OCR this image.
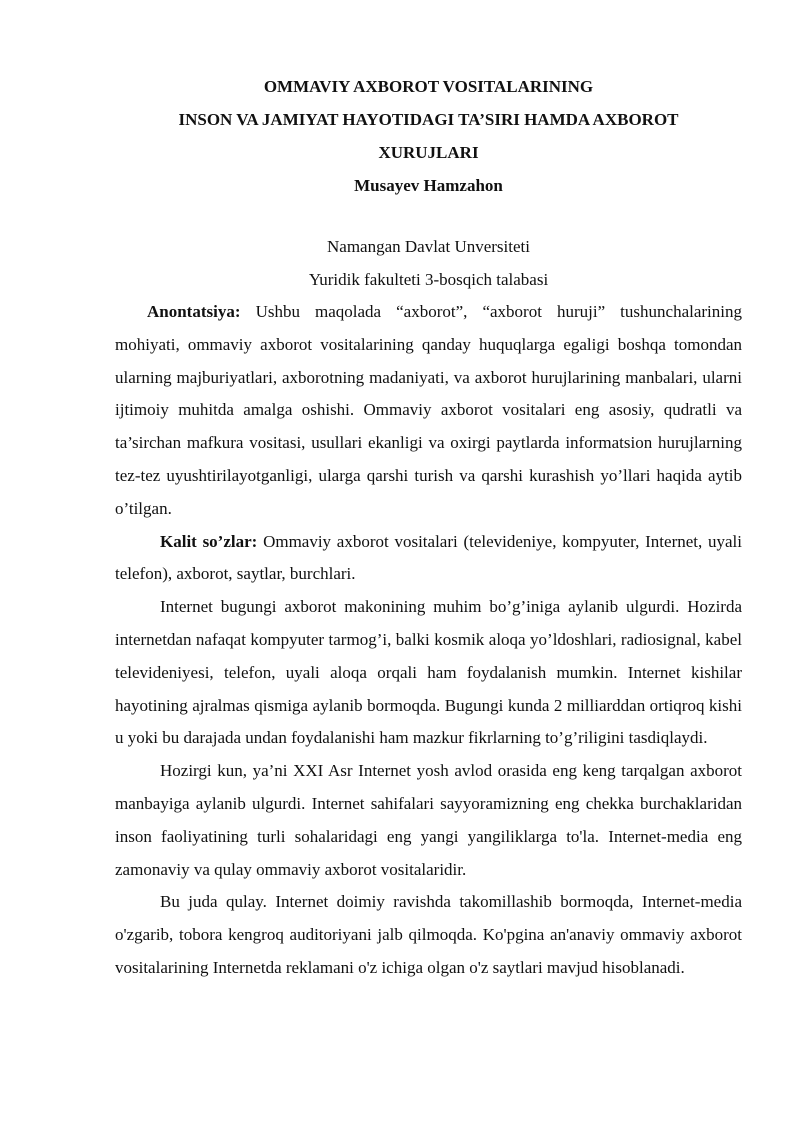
OMMAVIY AXBOROT VOSITALARINING

INSON VA JAMIYAT HAYOTIDAGI TA’SIRI HAMDA AXBOROT

XURUJLARI

Musayev Hamzahon

Namangan Davlat Unversiteti

Yuridik fakulteti 3-bosqich talabasi

Anontatsiya: Ushbu maqolada “axborot”, “axborot huruji” tushunchalarining mohiyati, ommaviy axborot vositalarining qanday huquqlarga egaligi boshqa tomondan ularning majburiyatlari, axborotning madaniyati, va axborot hurujlarining manbalari, ularni ijtimoiy muhitda amalga oshishi. Ommaviy axborot vositalari eng asosiy, qudratli va ta’sirchan mafkura vositasi, usullari ekanligi va oxirgi paytlarda informatsion hurujlarning tez-tez uyushtirilayotganligi, ularga qarshi turish va qarshi kurashish yo’llari haqida aytib o’tilgan.

Kalit so’zlar: Ommaviy axborot vositalari (televideniye, kompyuter, Internet, uyali telefon), axborot, saytlar, burchlari.

Internet bugungi axborot makonining muhim bo’g’iniga aylanib ulgurdi. Hozirda internetdan nafaqat kompyuter tarmog’i, balki kosmik aloqa yo’ldoshlari, radiosignal, kabel televideniyesi, telefon, uyali aloqa orqali ham foydalanish mumkin. Internet kishilar hayotining ajralmas qismiga aylanib bormoqda. Bugungi kunda 2 milliarddan ortiqroq kishi u yoki bu darajada undan foydalanishi ham mazkur fikrlarning to’g’riligini tasdiqlaydi.

Hozirgi kun, ya’ni XXI Asr Internet yosh avlod orasida eng keng tarqalgan axborot manbayiga aylanib ulgurdi. Internet sahifalari sayyoramizning eng chekka burchaklaridan inson faoliyatining turli sohalaridagi eng yangi yangiliklarga to'la. Internet-media eng zamonaviy va qulay ommaviy axborot vositalaridir.

Bu juda qulay. Internet doimiy ravishda takomillashib bormoqda, Internet-media o'zgarib, tobora kengroq auditoriyani jalb qilmoqda. Ko'pgina an'anaviy ommaviy axborot vositalarining Internetda reklamani o'z ichiga olgan o'z saytlari mavjud hisoblanadi.
